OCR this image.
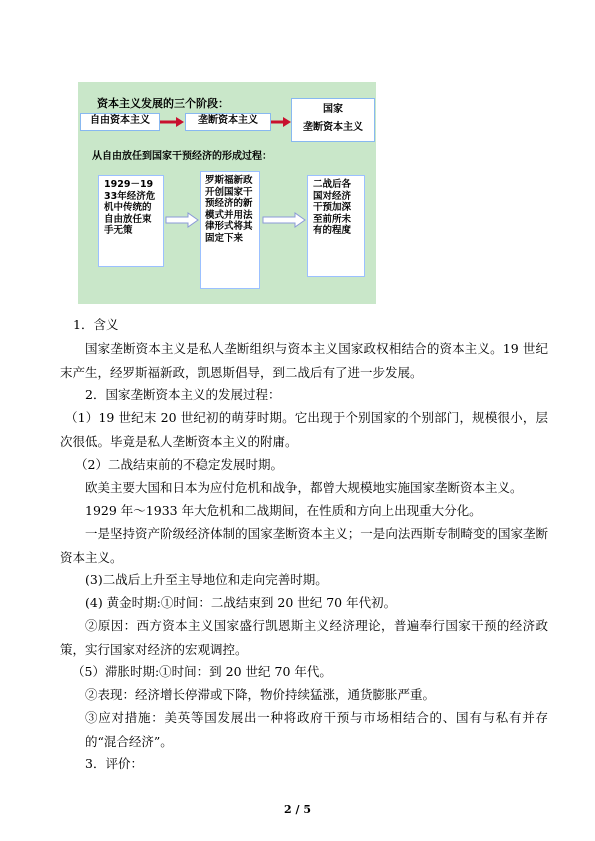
资本主义发展的三个阶段：
自由资本主义	垄断资本主义
国家
垄断资本主义
从自由放任到国家干预经济的形成过程：
1929－1933年经济危机中传统的自由放任束手无策
罗斯福新政开创国家干预经济的新模式并用法律形式将其固定下来
二战后各国对经济干预加深至前所未有的程度

1．含义

国家垄断资本主义是私人垄断组织与资本主义国家政权相结合的资本主义。19 世纪末产生，经罗斯福新政，凯恩斯倡导，到二战后有了进一步发展。

2．国家垄断资本主义的发展过程：

（1）19 世纪末 20 世纪初的萌芽时期。它出现于个别国家的个别部门，规模很小，层次很低。毕竟是私人垄断资本主义的附庸。

（2）二战结束前的不稳定发展时期。

欧美主要大国和日本为应付危机和战争，都曾大规模地实施国家垄断资本主义。

1929 年～1933 年大危机和二战期间，在性质和方向上出现重大分化。

一是坚持资产阶级经济体制的国家垄断资本主义；一是向法西斯专制畸变的国家垄断资本主义。

(3)二战后上升至主导地位和走向完善时期。

(4) 黄金时期:①时间：二战结束到 20 世纪 70 年代初。

②原因：西方资本主义国家盛行凯恩斯主义经济理论，普遍奉行国家干预的经济政策，实行国家对经济的宏观调控。

（5）滞胀时期:①时间：到 20 世纪 70 年代。

②表现：经济增长停滞或下降，物价持续猛涨，通货膨胀严重。

③应对措施：美英等国发展出一种将政府干预与市场相结合的、国有与私有并存的“混合经济”。

3．评价：

2 / 5
